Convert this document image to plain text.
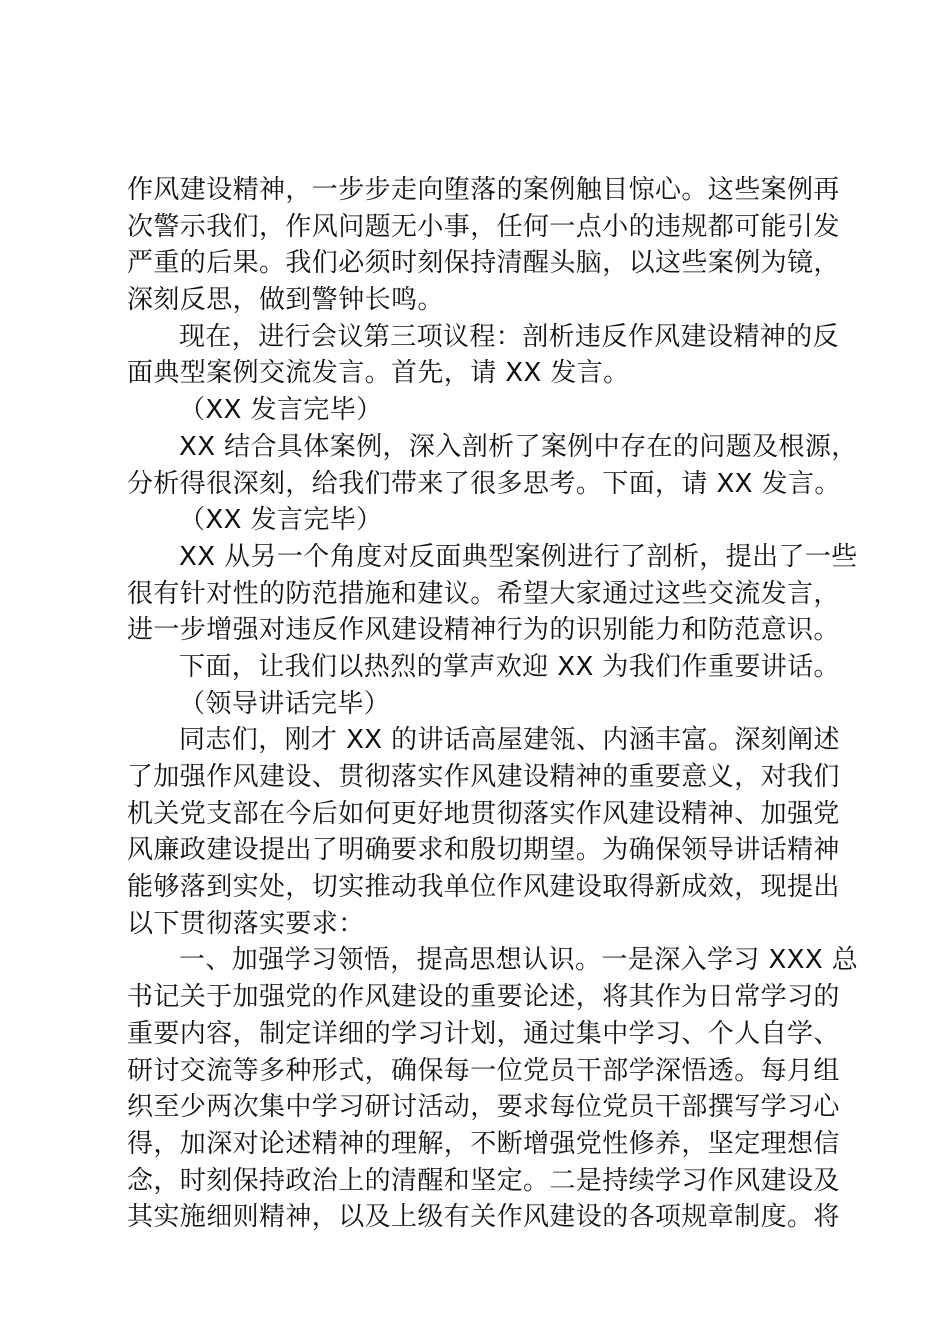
作风建设精神，一步步走向堕落的案例触目惊心。这些案例再
次警示我们，作风问题无小事，任何一点小的违规都可能引发
严重的后果。我们必须时刻保持清醒头脑，以这些案例为镜，
深刻反思，做到警钟长鸣。
现在，进行会议第三项议程：剖析违反作风建设精神的反
面典型案例交流发言。首先，请 XX 发言。
（XX 发言完毕）
XX 结合具体案例，深入剖析了案例中存在的问题及根源，
分析得很深刻，给我们带来了很多思考。下面，请 XX 发言。
（XX 发言完毕）
XX 从另一个角度对反面典型案例进行了剖析，提出了一些
很有针对性的防范措施和建议。希望大家通过这些交流发言，
进一步增强对违反作风建设精神行为的识别能力和防范意识。
下面，让我们以热烈的掌声欢迎 XX 为我们作重要讲话。
（领导讲话完毕）
同志们，刚才 XX 的讲话高屋建瓴、内涵丰富。深刻阐述
了加强作风建设、贯彻落实作风建设精神的重要意义，对我们
机关党支部在今后如何更好地贯彻落实作风建设精神、加强党
风廉政建设提出了明确要求和殷切期望。为确保领导讲话精神
能够落到实处，切实推动我单位作风建设取得新成效，现提出
以下贯彻落实要求：
一、加强学习领悟，提高思想认识。一是深入学习 XXX 总
书记关于加强党的作风建设的重要论述，将其作为日常学习的
重要内容，制定详细的学习计划，通过集中学习、个人自学、
研讨交流等多种形式，确保每一位党员干部学深悟透。每月组
织至少两次集中学习研讨活动，要求每位党员干部撰写学习心
得，加深对论述精神的理解，不断增强党性修养，坚定理想信
念，时刻保持政治上的清醒和坚定。二是持续学习作风建设及
其实施细则精神，以及上级有关作风建设的各项规章制度。将
